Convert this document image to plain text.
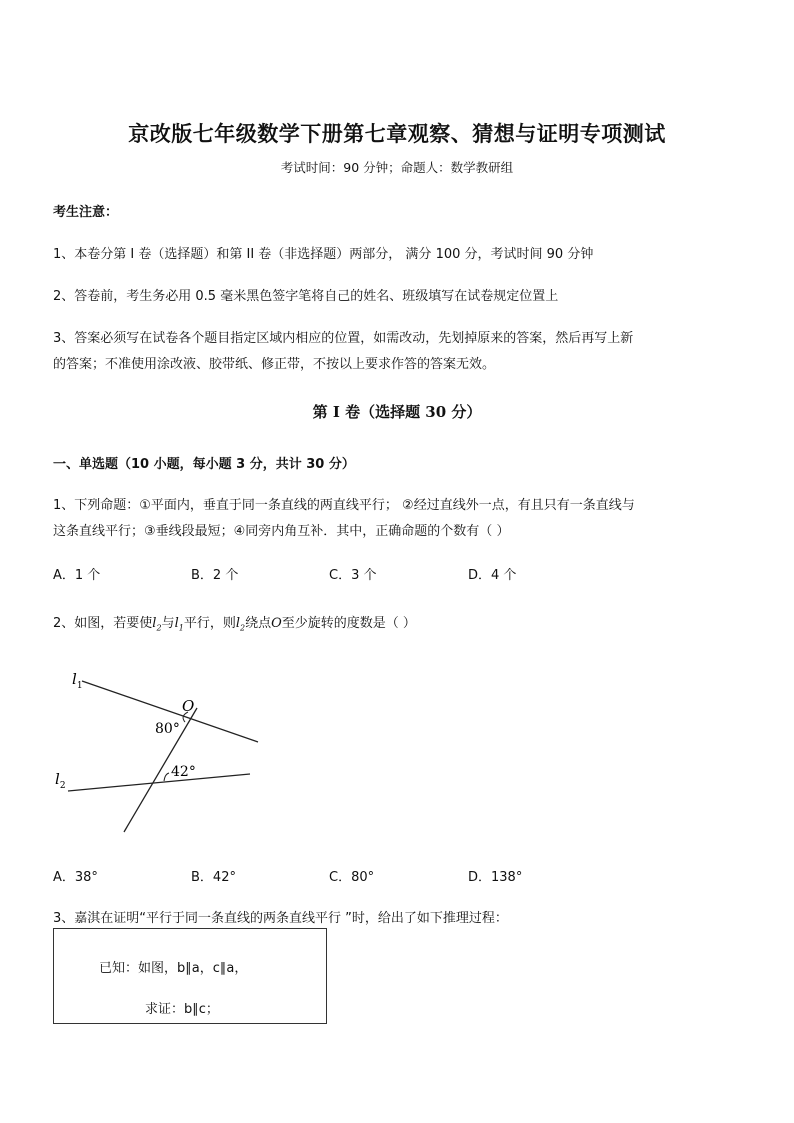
京改版七年级数学下册第七章观察、猜想与证明专项测试
考试时间：90 分钟；命题人：数学教研组
考生注意：
1、本卷分第 I 卷（选择题）和第 II 卷（非选择题）两部分， 满分 100 分，考试时间 90 分钟
2、答卷前，考生务必用 0.5 毫米黑色签字笔将自己的姓名、班级填写在试卷规定位置上
3、答案必须写在试卷各个题目指定区域内相应的位置，如需改动，先划掉原来的答案，然后再写上新
的答案；不准使用涂改液、胶带纸、修正带，不按以上要求作答的答案无效。
第 I 卷（选择题 30 分）
一、单选题（10 小题，每小题 3 分，共计 30 分）
1、下列命题：①平面内，垂直于同一条直线的两直线平行； ②经过直线外一点，有且只有一条直线与
这条直线平行；③垂线段最短；④同旁内角互补．其中，正确命题的个数有（ ）
A．1 个	B．2 个	C．3 个	D．4 个
2、如图，若要使$l_2$与$l_1$平行，则$l_2$绕点O至少旋转的度数是（ ）
$l_1$
$l_2$
O
80°
42°
A．38°	B．42°	C．80°	D．138°
3、嘉淇在证明“平行于同一条直线的两条直线平行 ”时，给出了如下推理过程：
已知：如图，b∥a，c∥a，
求证：b∥c；
